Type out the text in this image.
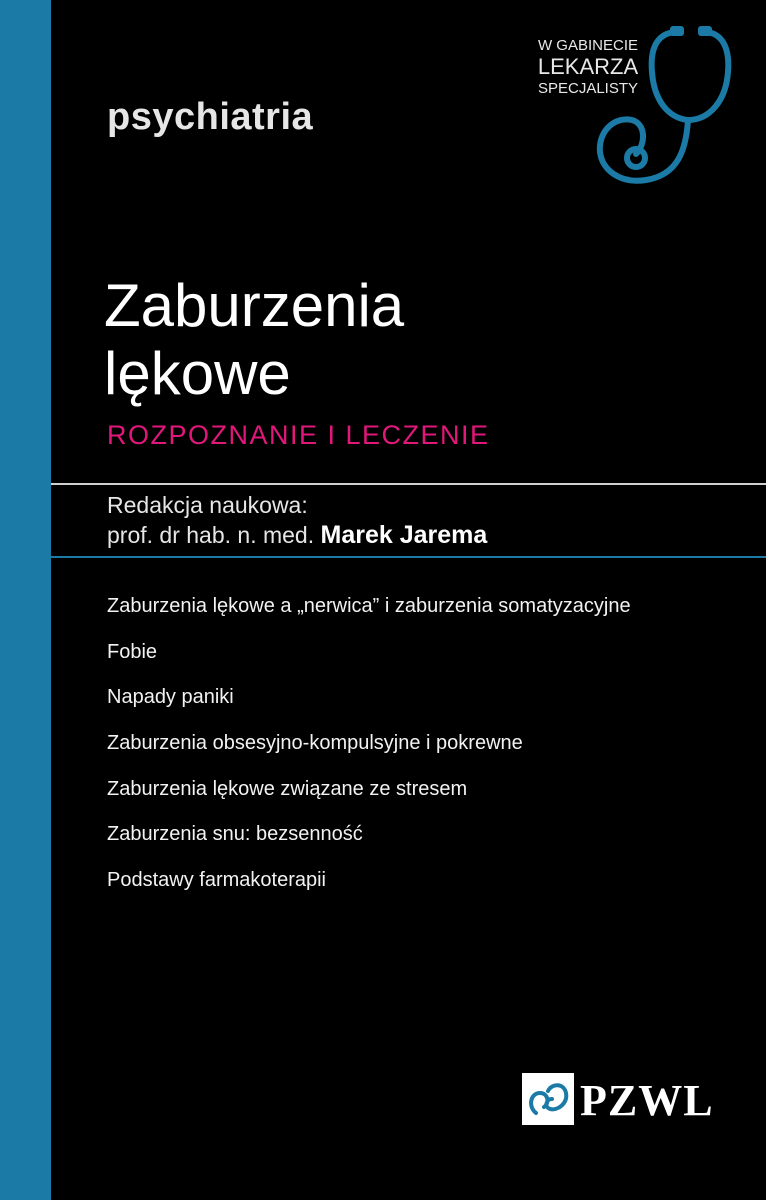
psychiatria
W GABINECIE
LEKARZA
SPECJALISTY
Zaburzenia
lękowe
ROZPOZNANIE I LECZENIE
Redakcja naukowa:
prof. dr hab. n. med. Marek Jarema
Zaburzenia lękowe a „nerwica” i zaburzenia somatyzacyjne
Fobie
Napady paniki
Zaburzenia obsesyjno-kompulsyjne i pokrewne
Zaburzenia lękowe związane ze stresem
Zaburzenia snu: bezsenność
Podstawy farmakoterapii
PZWL
